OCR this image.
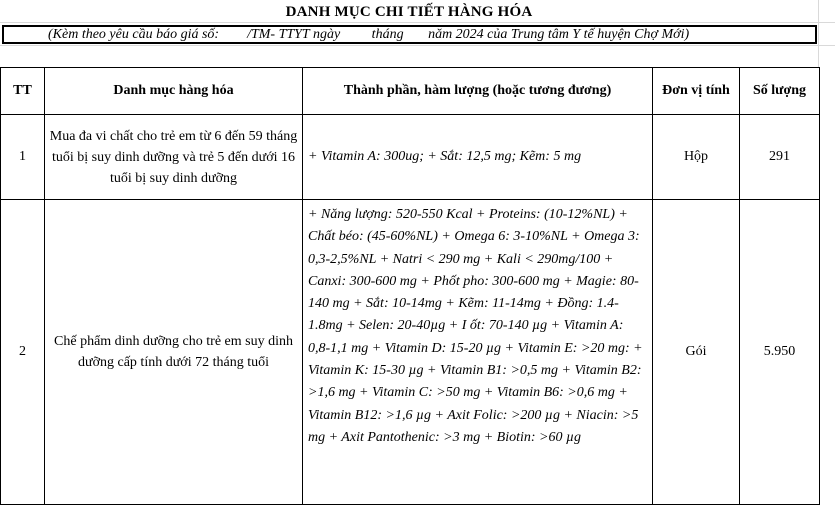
DANH MỤC CHI TIẾT HÀNG HÓA
(Kèm theo yêu cầu báo giá số:        /TM- TTYT ngày         tháng       năm 2024 của Trung tâm Y tế huyện Chợ Mới)
TT	Danh mục hàng hóa	Thành phần, hàm lượng (hoặc tương đương)	Đơn vị tính	Số lượng
1	Mua đa vi chất cho trẻ em từ 6 đến 59 tháng tuổi bị suy dinh dưỡng và trẻ 5 đến dưới 16 tuổi bị suy dinh dưỡng	+ Vitamin A: 300ug; + Sắt: 12,5 mg; Kẽm: 5 mg	Hộp	291
2	Chế phẩm dinh dưỡng cho trẻ em suy dinh dưỡng cấp tính dưới 72 tháng tuổi	+ Năng lượng: 520-550 Kcal + Proteins: (10-12%NL) + Chất béo: (45-60%NL) + Omega 6: 3-10%NL + Omega 3: 0,3-2,5%NL + Natri < 290 mg + Kali < 290mg/100 + Canxi: 300-600 mg + Phốt pho: 300-600 mg + Magie: 80-140 mg + Sắt: 10-14mg + Kẽm: 11-14mg + Đồng: 1.4-1.8mg + Selen: 20-40µg + I ốt: 70-140 µg + Vitamin A: 0,8-1,1 mg + Vitamin D: 15-20 µg + Vitamin E: >20 mg: + Vitamin K: 15-30 µg + Vitamin B1: >0,5 mg + Vitamin B2: >1,6 mg + Vitamin C: >50 mg + Vitamin B6: >0,6 mg + Vitamin B12: >1,6 µg + Axit Folic: >200 µg + Niacin: >5 mg + Axit Pantothenic: >3 mg + Biotin: >60 µg	Gói	5.950
